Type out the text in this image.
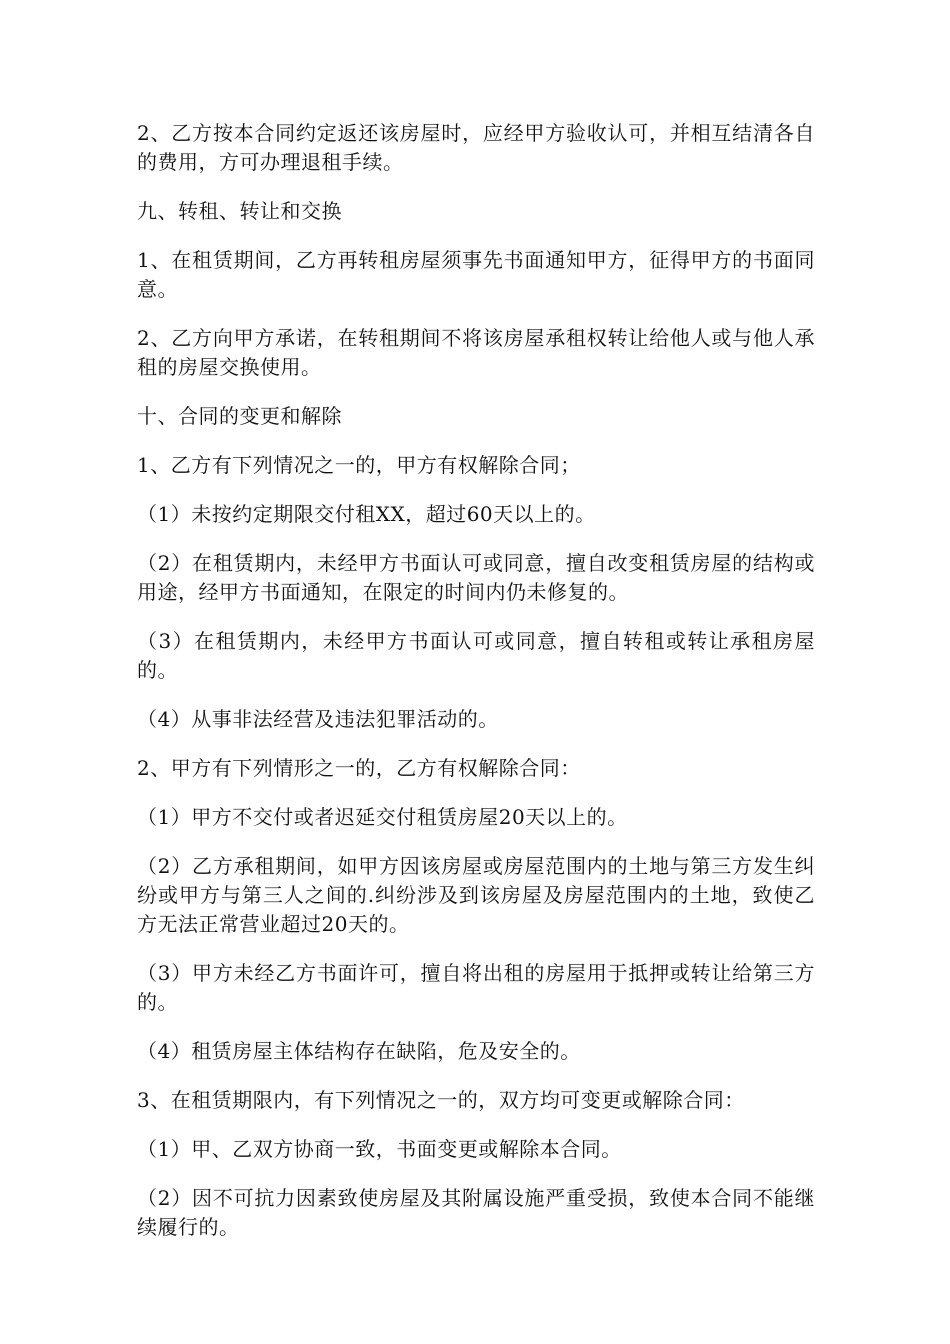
2、乙方按本合同约定返还该房屋时，应经甲方验收认可，并相互结清各自的费用，方可办理退租手续。

九、转租、转让和交换

1、在租赁期间，乙方再转租房屋须事先书面通知甲方，征得甲方的书面同意。

2、乙方向甲方承诺，在转租期间不将该房屋承租权转让给他人或与他人承租的房屋交换使用。

十、合同的变更和解除

1、乙方有下列情况之一的，甲方有权解除合同；

（1）未按约定期限交付租XX，超过60天以上的。

（2）在租赁期内，未经甲方书面认可或同意，擅自改变租赁房屋的结构或用途，经甲方书面通知，在限定的时间内仍未修复的。

（3）在租赁期内，未经甲方书面认可或同意，擅自转租或转让承租房屋的。

（4）从事非法经营及违法犯罪活动的。

2、甲方有下列情形之一的，乙方有权解除合同：

（1）甲方不交付或者迟延交付租赁房屋20天以上的。

（2）乙方承租期间，如甲方因该房屋或房屋范围内的土地与第三方发生纠纷或甲方与第三人之间的.纠纷涉及到该房屋及房屋范围内的土地，致使乙方无法正常营业超过20天的。

（3）甲方未经乙方书面许可，擅自将出租的房屋用于抵押或转让给第三方的。

（4）租赁房屋主体结构存在缺陷，危及安全的。

3、在租赁期限内，有下列情况之一的，双方均可变更或解除合同：

（1）甲、乙双方协商一致，书面变更或解除本合同。

（2）因不可抗力因素致使房屋及其附属设施严重受损，致使本合同不能继续履行的。
